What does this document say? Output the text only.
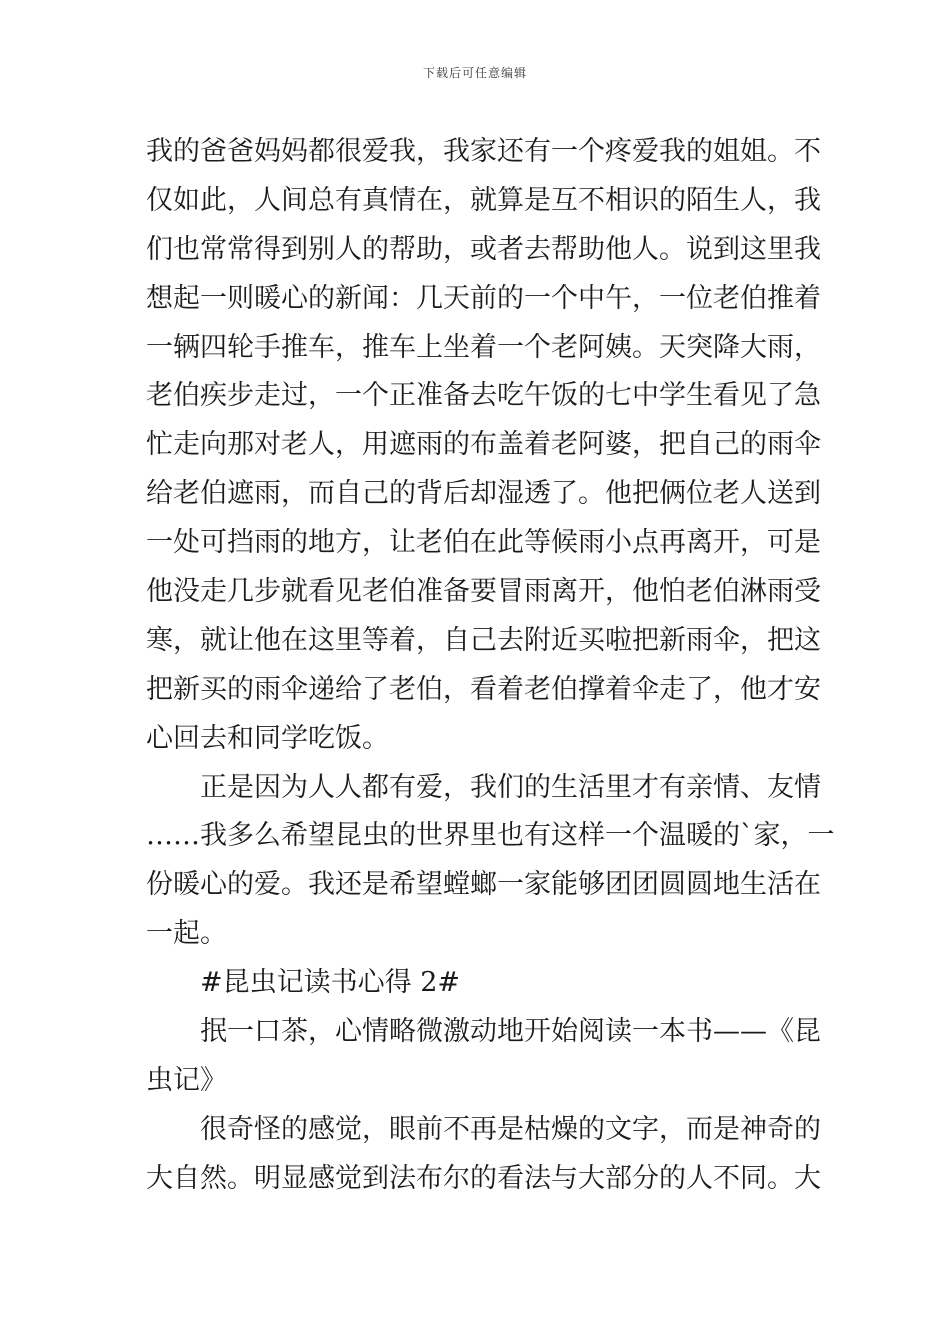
下载后可任意编辑
我的爸爸妈妈都很爱我，我家还有一个疼爱我的姐姐。不
仅如此，人间总有真情在，就算是互不相识的陌生人，我
们也常常得到别人的帮助，或者去帮助他人。说到这里我
想起一则暖心的新闻：几天前的一个中午，一位老伯推着
一辆四轮手推车，推车上坐着一个老阿姨。天突降大雨，
老伯疾步走过，一个正准备去吃午饭的七中学生看见了急
忙走向那对老人，用遮雨的布盖着老阿婆，把自己的雨伞
给老伯遮雨，而自己的背后却湿透了。他把俩位老人送到
一处可挡雨的地方，让老伯在此等候雨小点再离开，可是
他没走几步就看见老伯准备要冒雨离开，他怕老伯淋雨受
寒，就让他在这里等着，自己去附近买啦把新雨伞，把这
把新买的雨伞递给了老伯，看着老伯撑着伞走了，他才安
心回去和同学吃饭。
正是因为人人都有爱，我们的生活里才有亲情、友情
……我多么希望昆虫的世界里也有这样一个温暖的`家，一
份暖心的爱。我还是希望螳螂一家能够团团圆圆地生活在
一起。
#昆虫记读书心得 2#
抿一口茶，心情略微激动地开始阅读一本书——《昆
虫记》
很奇怪的感觉，眼前不再是枯燥的文字，而是神奇的
大自然。明显感觉到法布尔的看法与大部分的人不同。大
